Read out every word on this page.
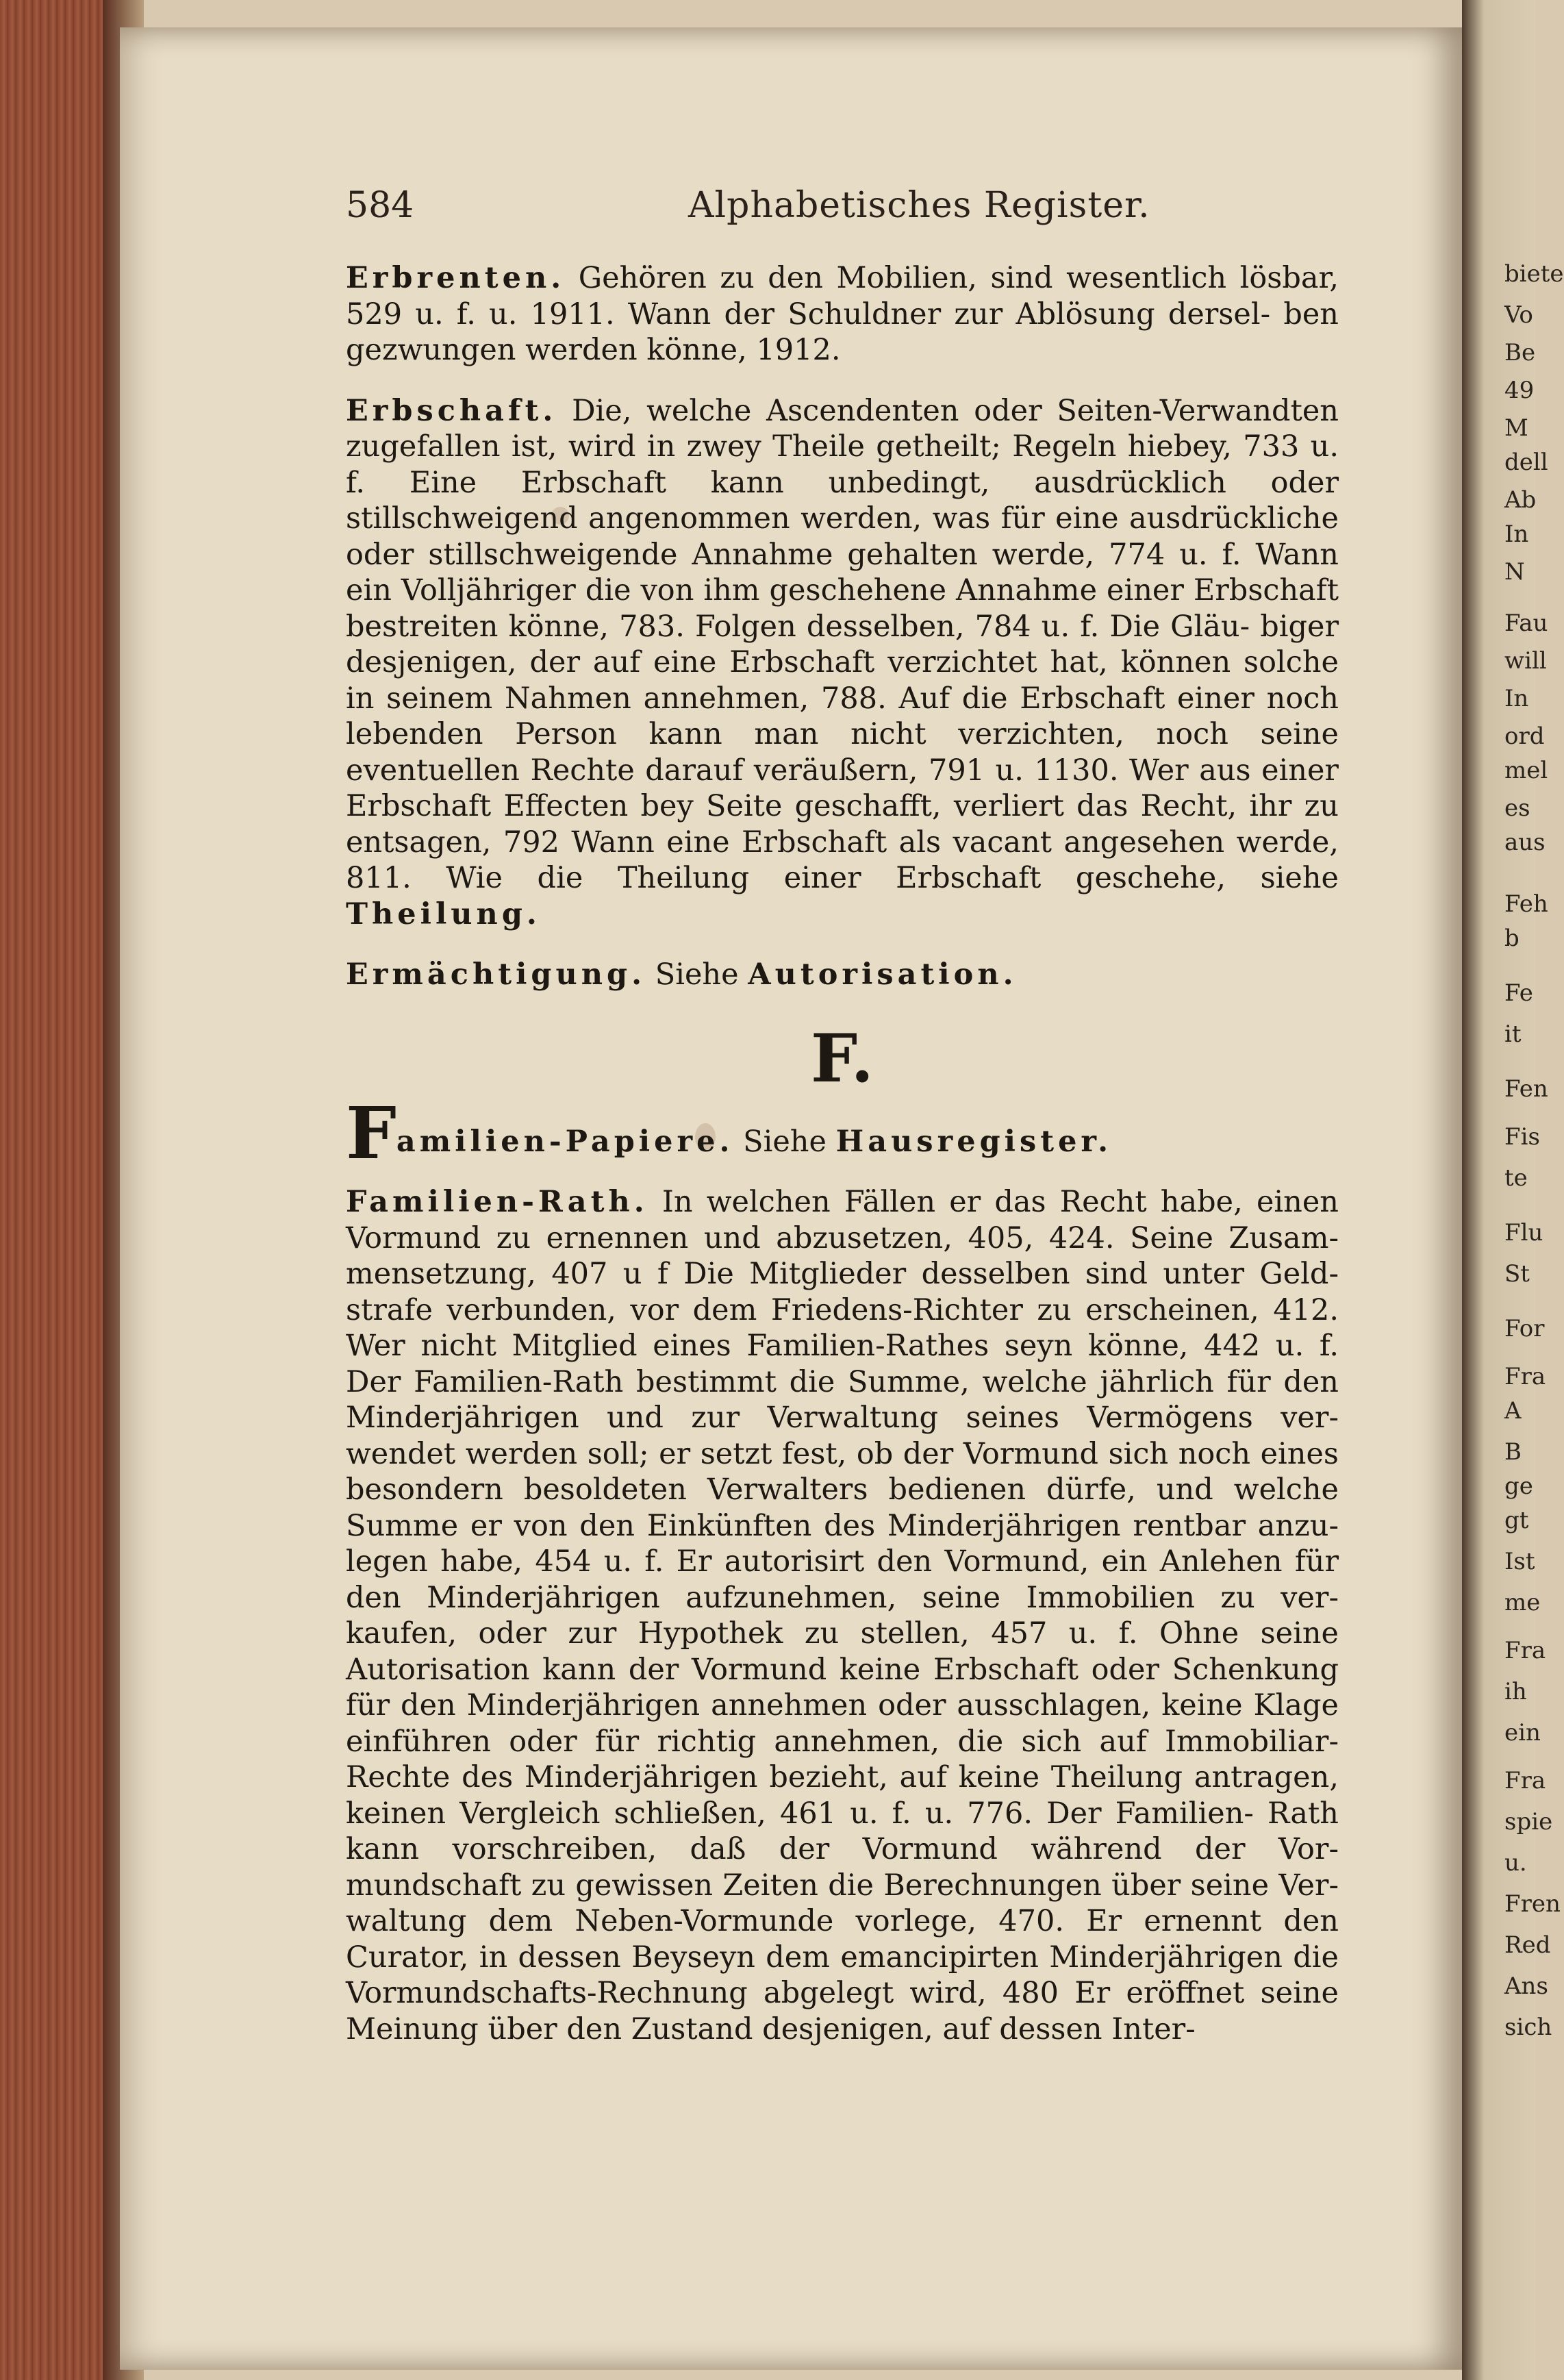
584	Alphabetisches Register.

Erbrenten. Gehören zu den Mobilien, sind wesentlich lösbar, 529 u. f. u. 1911. Wann der Schuldner zur Ablösung dersel- ben gezwungen werden könne, 1912.

Erbschaft. Die, welche Ascendenten oder Seiten-Verwandten zugefallen ist, wird in zwey Theile getheilt; Regeln hiebey, 733 u. f. Eine Erbschaft kann unbedingt, ausdrücklich oder stillschweigend angenommen werden, was für eine ausdrückliche oder stillschweigende Annahme gehalten werde, 774 u. f. Wann ein Volljähriger die von ihm geschehene Annahme einer Erbschaft bestreiten könne, 783. Folgen desselben, 784 u. f. Die Gläu- biger desjenigen, der auf eine Erbschaft verzichtet hat, können solche in seinem Nahmen annehmen, 788. Auf die Erbschaft einer noch lebenden Person kann man nicht verzichten, noch seine eventuellen Rechte darauf veräußern, 791 u. 1130. Wer aus einer Erbschaft Effecten bey Seite geschafft, verliert das Recht, ihr zu entsagen, 792 Wann eine Erbschaft als vacant angesehen werde, 811. Wie die Theilung einer Erbschaft geschehe, siehe Theilung.

Ermächtigung. Siehe Autorisation.

F.

Familien-Papiere. Siehe Hausregister.

Familien-Rath. In welchen Fällen er das Recht habe, einen Vormund zu ernennen und abzusetzen, 405, 424. Seine Zusam- mensetzung, 407 u f Die Mitglieder desselben sind unter Geld- strafe verbunden, vor dem Friedens-Richter zu erscheinen, 412. Wer nicht Mitglied eines Familien-Rathes seyn könne, 442 u. f. Der Familien-Rath bestimmt die Summe, welche jährlich für den Minderjährigen und zur Verwaltung seines Vermögens ver- wendet werden soll; er setzt fest, ob der Vormund sich noch eines besondern besoldeten Verwalters bedienen dürfe, und welche Summe er von den Einkünften des Minderjährigen rentbar anzu- legen habe, 454 u. f. Er autorisirt den Vormund, ein Anlehen für den Minderjährigen aufzunehmen, seine Immobilien zu ver- kaufen, oder zur Hypothek zu stellen, 457 u. f. Ohne seine Autorisation kann der Vormund keine Erbschaft oder Schenkung für den Minderjährigen annehmen oder ausschlagen, keine Klage einführen oder für richtig annehmen, die sich auf Immobiliar- Rechte des Minderjährigen bezieht, auf keine Theilung antragen, keinen Vergleich schließen, 461 u. f. u. 776. Der Familien- Rath kann vorschreiben, daß der Vormund während der Vor- mundschaft zu gewissen Zeiten die Berechnungen über seine Ver- waltung dem Neben-Vormunde vorlege, 470. Er ernennt den Curator, in dessen Beyseyn dem emancipirten Minderjährigen die Vormundschafts-Rechnung abgelegt wird, 480 Er eröffnet seine Meinung über den Zustand desjenigen, auf dessen Inter-

biete
Vo
Be
49
M
dell
Ab
In
N
Fau
will
In
ord
mel
es
aus
Feh
b
Fe
it
Fen
Fis
te
Flu
St
For
Fra
A
B
ge
gt
Ist
me
Fra
ih
ein
Fra
spie
u.
Fren
Red
Ans
sich
